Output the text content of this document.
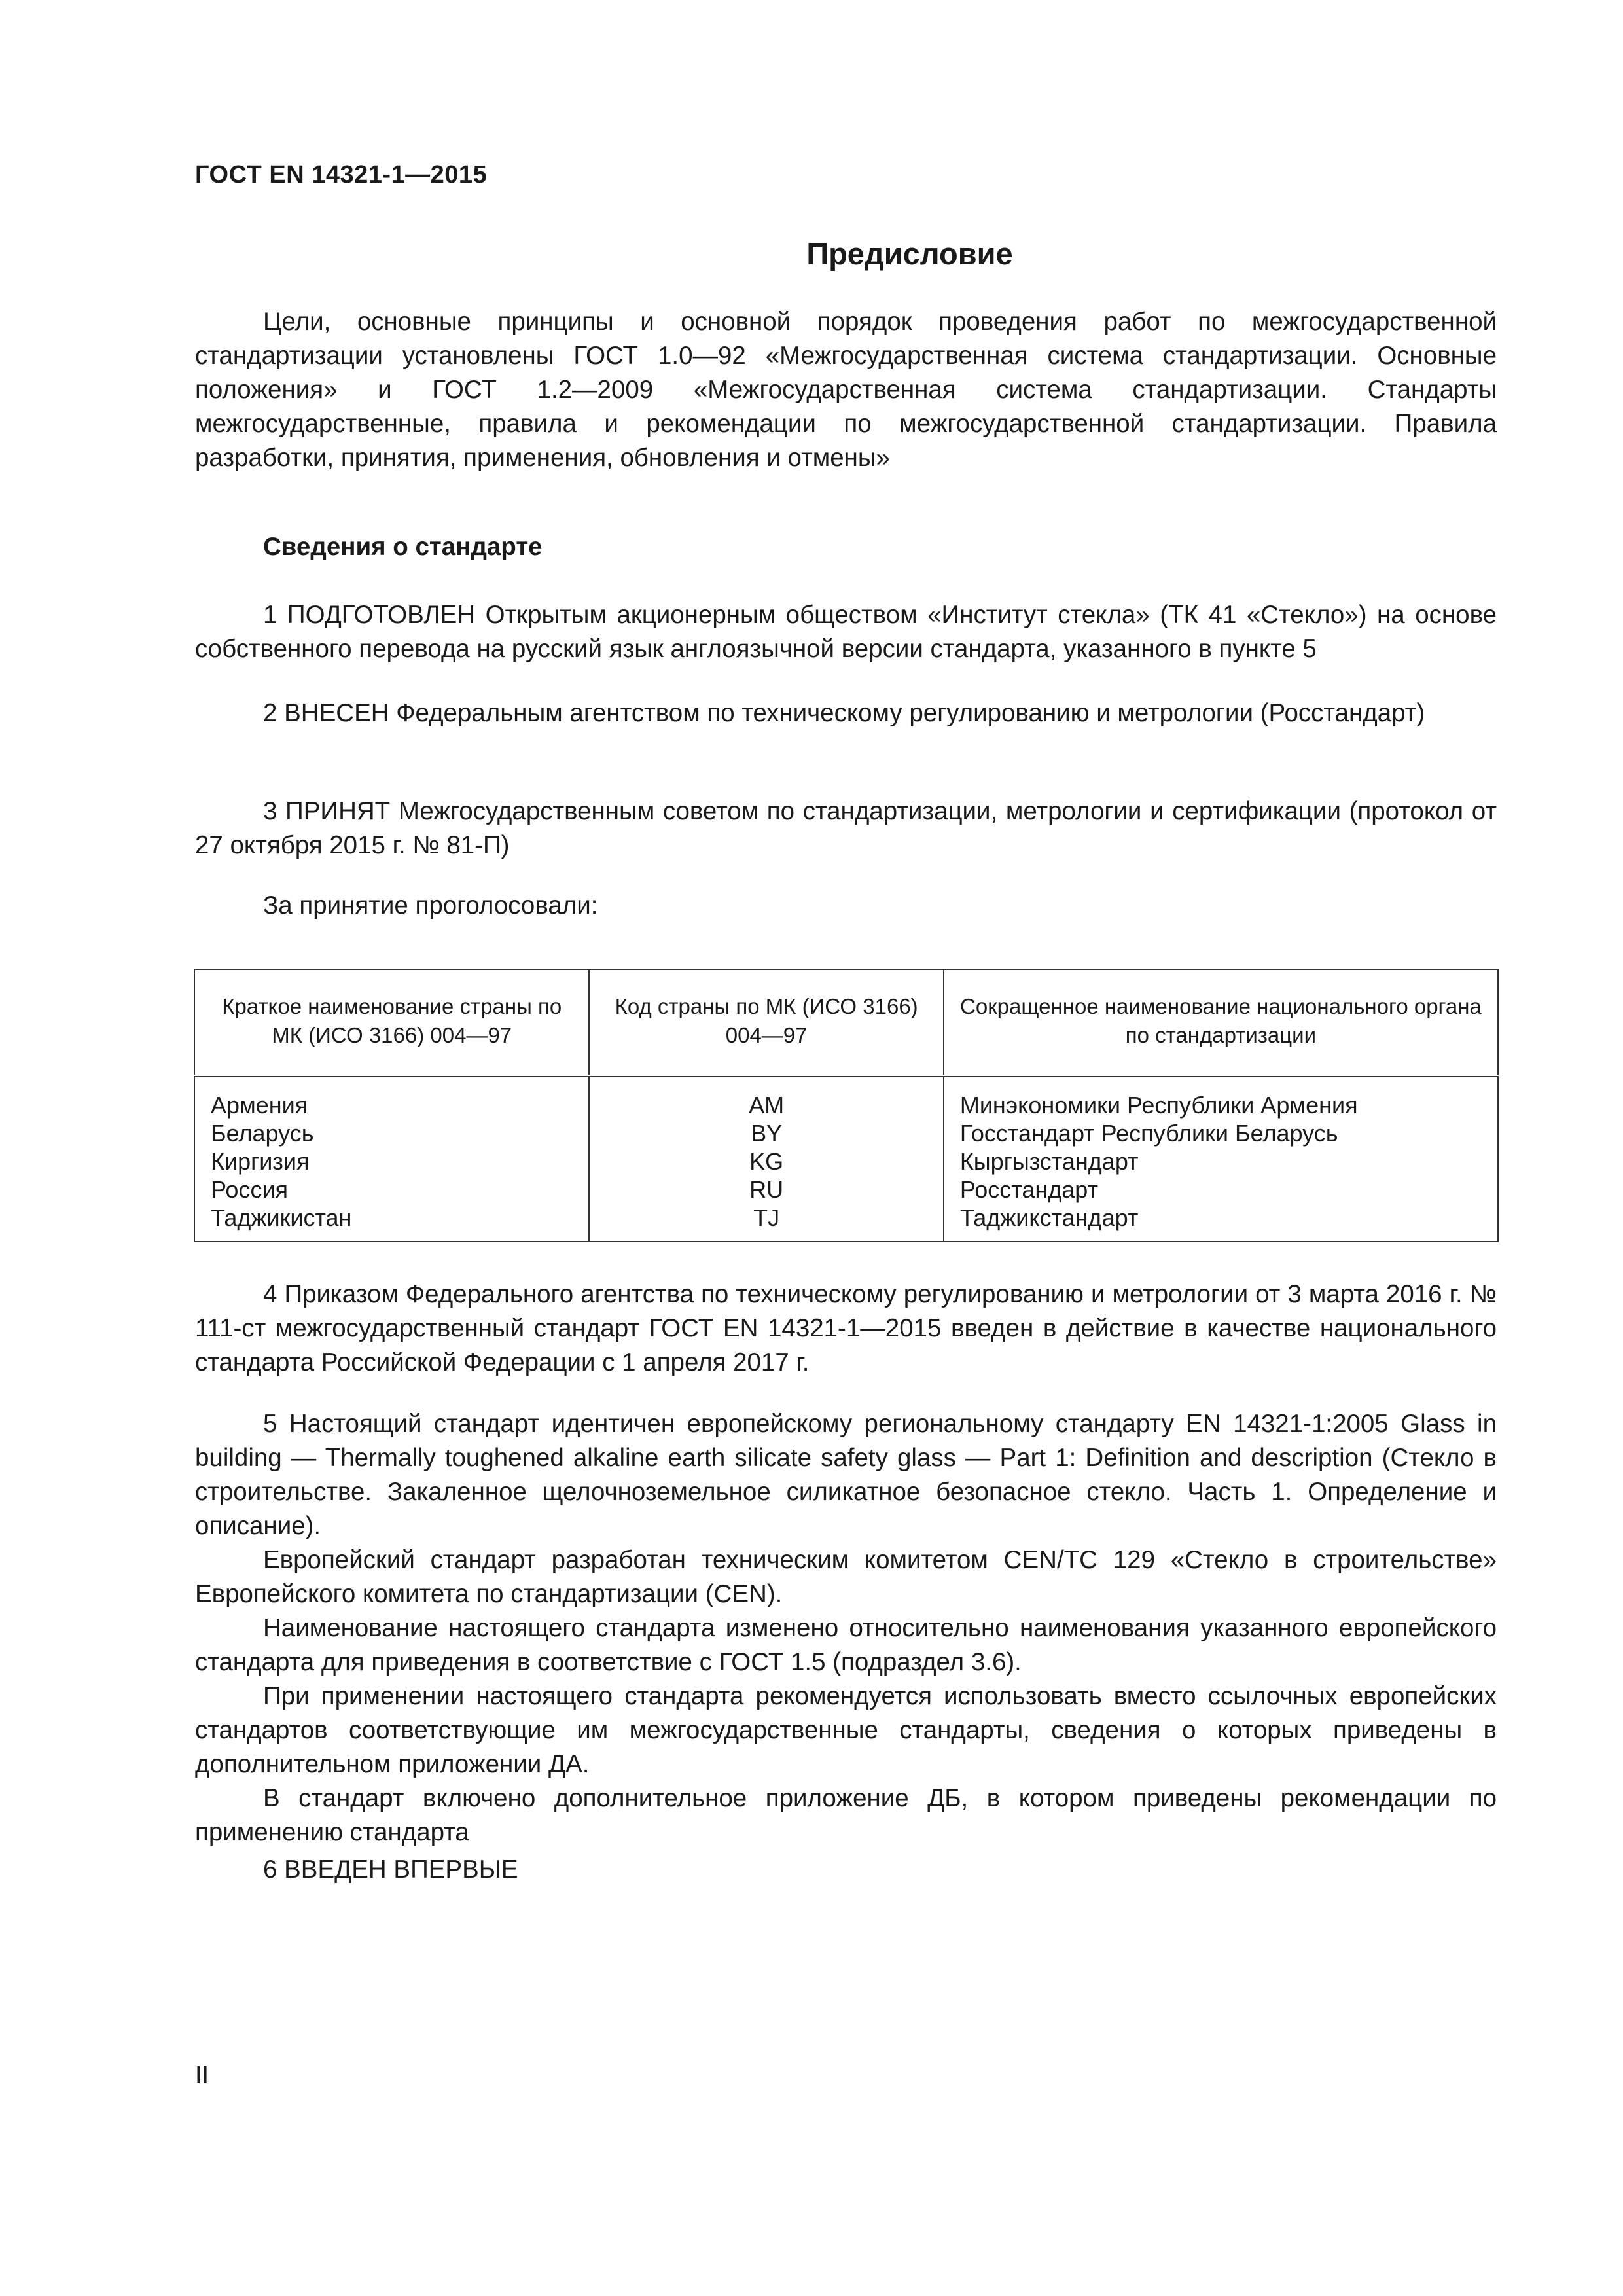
ГОСТ EN 14321-1—2015
Предисловие

Цели, основные принципы и основной порядок проведения работ по межгосударственной стандартизации установлены ГОСТ 1.0—92 «Межгосударственная система стандартизации. Основные положения» и ГОСТ 1.2—2009 «Межгосударственная система стандартизации. Стандарты межгосударственные, правила и рекомендации по межгосударственной стандартизации. Правила разработки, принятия, применения, обновления и отмены»

Сведения о стандарте

1 ПОДГОТОВЛЕН Открытым акционерным обществом «Институт стекла» (ТК 41 «Стекло») на основе собственного перевода на русский язык англоязычной версии стандарта, указанного в пункте 5

2 ВНЕСЕН Федеральным агентством по техническому регулированию и метрологии (Росстандарт)

3 ПРИНЯТ Межгосударственным советом по стандартизации, метрологии и сертификации (протокол от 27 октября 2015 г. № 81-П)

За принятие проголосовали:
Краткое наименование страны по МК (ИСО 3166) 004—97	Код страны по МК (ИСО 3166) 004—97	Сокращенное наименование национального органа по стандартизации
Армения	AM	Минэкономики Республики Армения
Беларусь	BY	Госстандарт Республики Беларусь
Киргизия	KG	Кыргызстандарт
Россия	RU	Росстандарт
Таджикистан	TJ	Таджикстандарт

4 Приказом Федерального агентства по техническому регулированию и метрологии от 3 марта 2016 г. № 111-ст межгосударственный стандарт ГОСТ EN 14321-1—2015 введен в действие в качестве национального стандарта Российской Федерации с 1 апреля 2017 г.

5 Настоящий стандарт идентичен европейскому региональному стандарту EN 14321-1:2005 Glass in building — Thermally toughened alkaline earth silicate safety glass — Part 1: Definition and description (Стекло в строительстве. Закаленное щелочноземельное силикатное безопасное стекло. Часть 1. Определение и описание).

Европейский стандарт разработан техническим комитетом CEN/TC 129 «Стекло в строительстве» Европейского комитета по стандартизации (CEN).

Наименование настоящего стандарта изменено относительно наименования указанного европейского стандарта для приведения в соответствие с ГОСТ 1.5 (подраздел 3.6).

При применении настоящего стандарта рекомендуется использовать вместо ссылочных европейских стандартов соответствующие им межгосударственные стандарты, сведения о которых приведены в дополнительном приложении ДА.

В стандарт включено дополнительное приложение ДБ, в котором приведены рекомендации по применению стандарта

6 ВВЕДЕН ВПЕРВЫЕ
II
